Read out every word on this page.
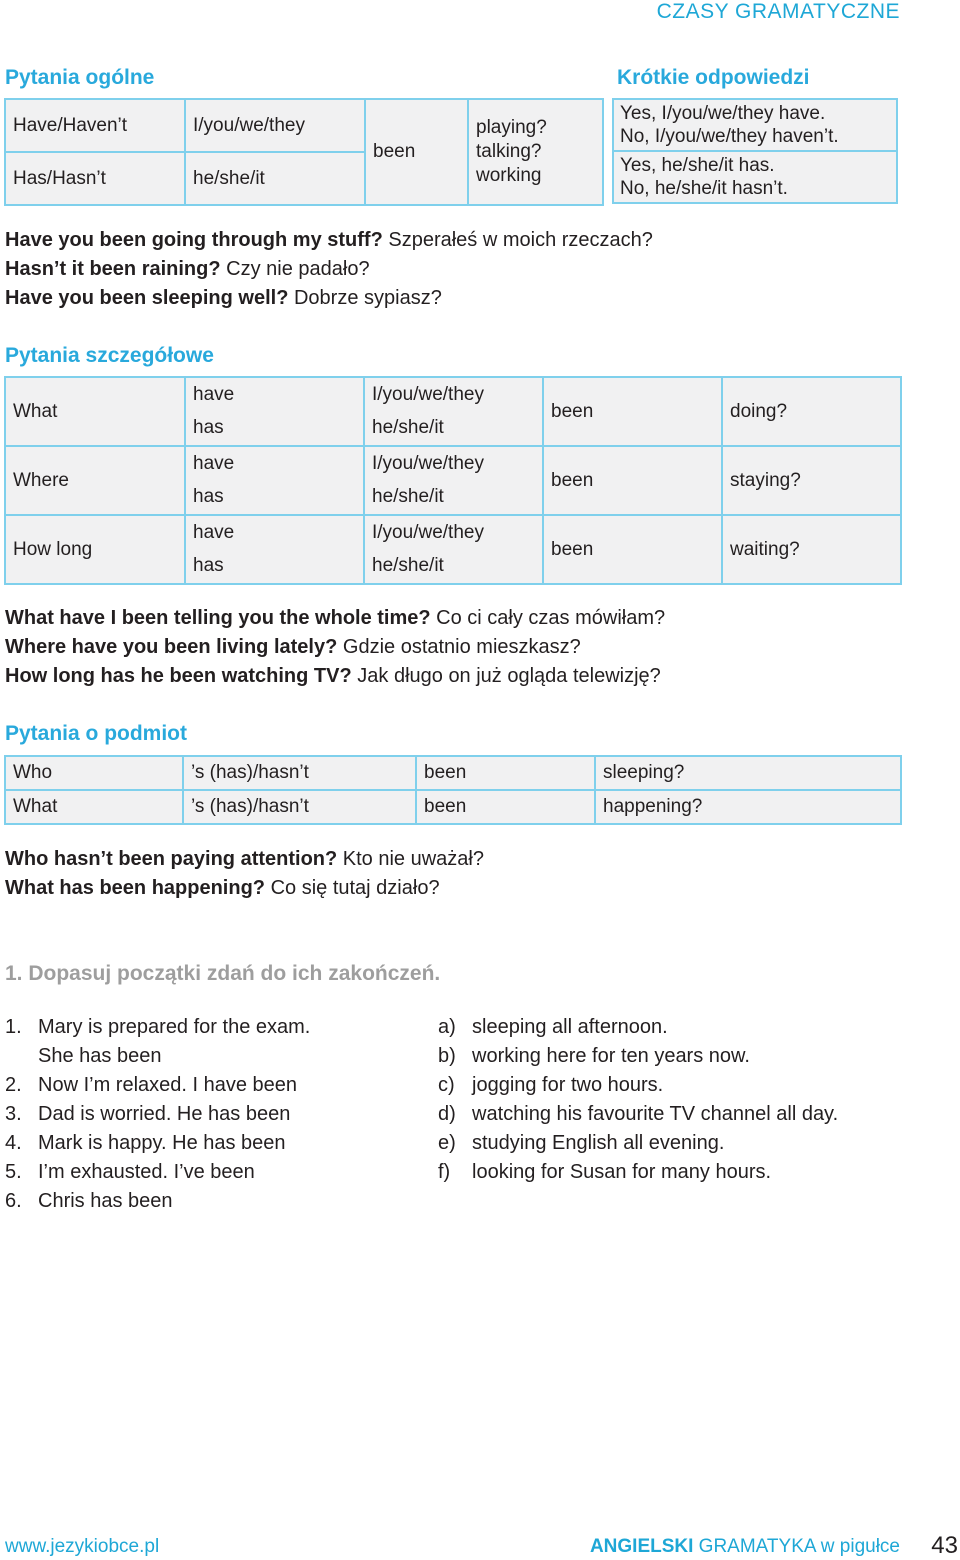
CZASY GRAMATYCZNE
Pytania ogólne
Have/Haven’t	I/you/we/they	been	playing?
talking?
working

Has/Hasn’t	he/she/it		
Krótkie odpowiedzi
Yes, I/you/we/they have.
No, I/you/we/they haven’t.
Yes, he/she/it has.
No, he/she/it hasn’t.
Have you been going through my stuff? Szperałeś w moich rzeczach?
Hasn’t it been raining? Czy nie padało?
Have you been sleeping well? Dobrze sypiasz?
Pytania szczegółowe
What	have	I/you/we/they	been	doing?
	has	he/she/it		
Where	have	I/you/we/they	been	staying?
	has	he/she/it		
How long	have	I/you/we/they	been	waiting?
	has	he/she/it		
What have I been telling you the whole time? Co ci cały czas mówiłam?
Where have you been living lately? Gdzie ostatnio mieszkasz?
How long has he been watching TV? Jak długo on już ogląda telewizję?
Pytania o podmiot
Who	’s (has)/hasn’t	been	sleeping?
What	’s (has)/hasn’t	been	happening?
Who hasn’t been paying attention? Kto nie uważał?
What has been happening? Co się tutaj działo?
1. Dopasuj początki zdań do ich zakończeń.
1. Mary is prepared for the exam.
She has been
2. Now I’m relaxed. I have been
3. Dad is worried. He has been
4. Mark is happy. He has been
5. I’m exhausted. I’ve been
6. Chris has been
a) sleeping all afternoon.
b) working here for ten years now.
c) jogging for two hours.
d) watching his favourite TV channel all day.
e) studying English all evening.
f) looking for Susan for many hours.
www.jezykiobce.pl	ANGIELSKI GRAMATYKA w pigułce 43
